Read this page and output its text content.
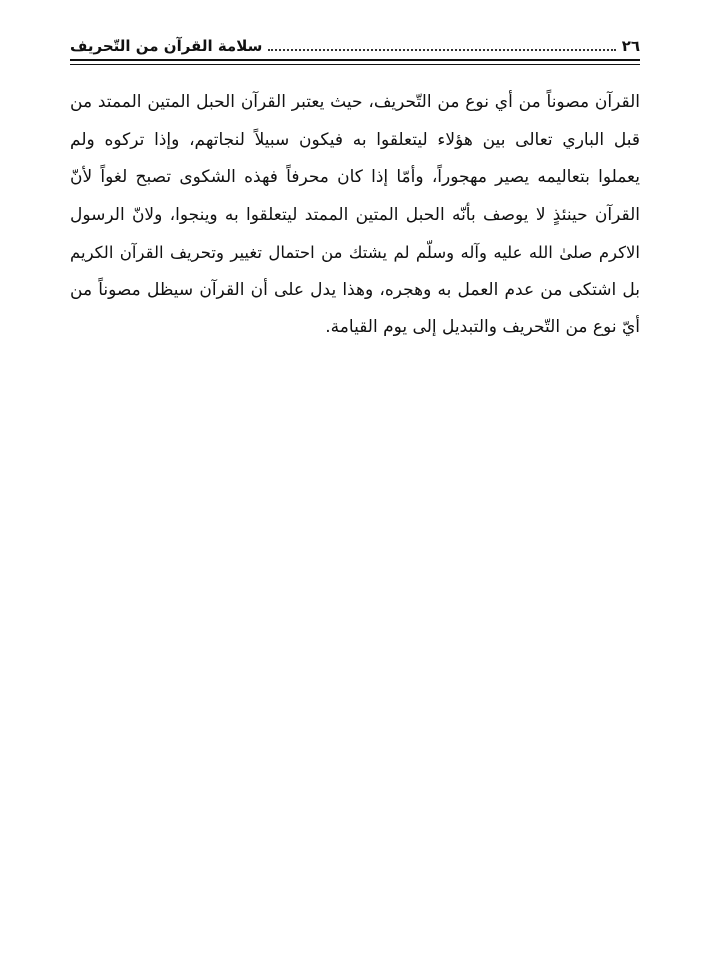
٢٦
سلامة القرآن من التّحريف
القرآن مصوناً من أي نوع من التّحريف، حيث يعتبر القرآن الحبل المتين الممتد من
قبل الباري تعالى بين هؤلاء ليتعلقوا به فيكون سبيلاً لنجاتهم، وإذا تركوه ولم
يعملوا بتعاليمه يصير مهجوراً، وأمّا إذا كان محرفاً فهذه الشكوى تصبح لغواً لأنّ
القرآن حينئذٍ لا يوصف بأنّه الحبل المتين الممتد ليتعلقوا به وينجوا، ولانّ الرسول
الاكرم صلىٰ الله عليه وآله وسلّم لم يشتك من احتمال تغيير وتحريف القرآن الكريم
بل اشتكى من عدم العمل به وهجره، وهذا يدل على أن القرآن سيظل مصوناً من
أيّ نوع من التّحريف والتبديل إلى يوم القيامة.
